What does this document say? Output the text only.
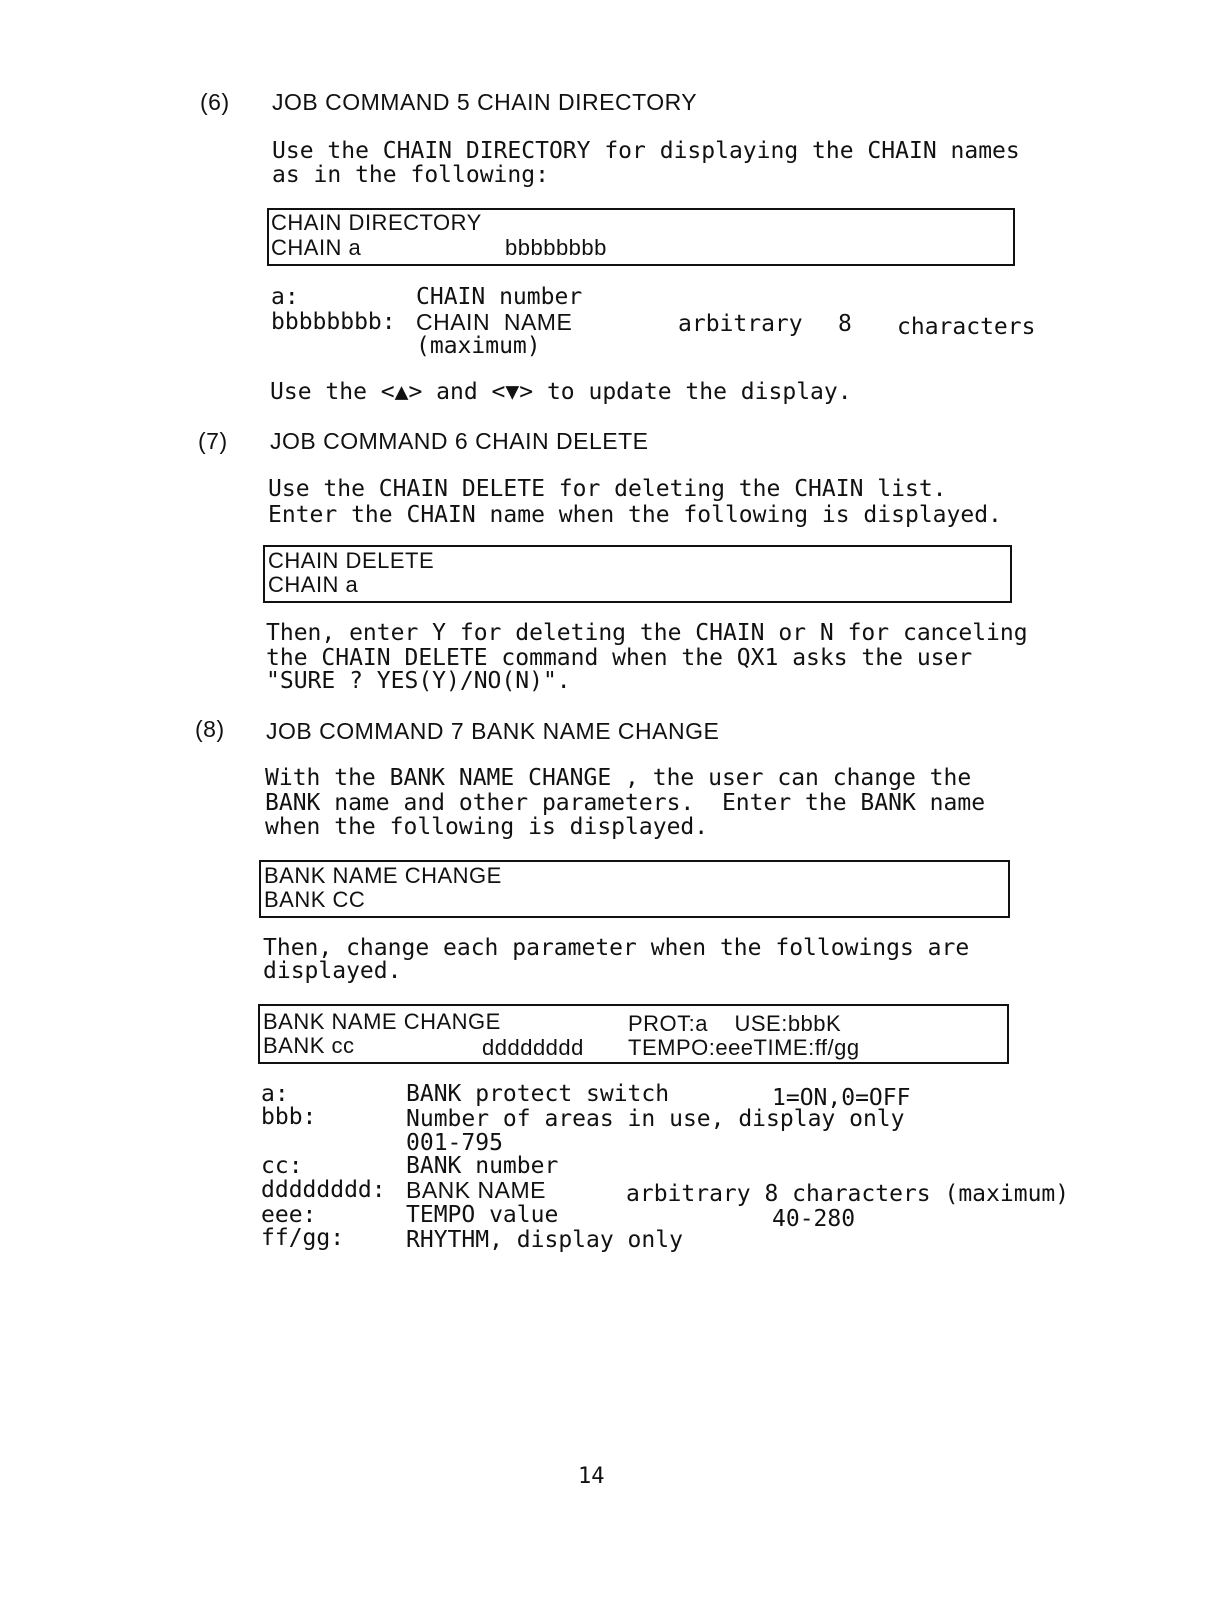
(6) JOB COMMAND 5 CHAIN DIRECTORY
Use the CHAIN DIRECTORY for displaying the CHAIN names
as in the following:
CHAIN DIRECTORY
CHAIN a	bbbbbbbb
a:	CHAIN number
bbbbbbbb: CHAIN  NAME	arbitrary 8 characters
(maximum)
Use the <▲> and <▼> to update the display.
(7) JOB COMMAND 6 CHAIN DELETE
Use the CHAIN DELETE for deleting the CHAIN list.
Enter the CHAIN name when the following is displayed.
CHAIN DELETE
CHAIN a
Then, enter Y for deleting the CHAIN or N for canceling
the CHAIN DELETE command when the QX1 asks the user
"SURE ? YES(Y)/NO(N)".
(8) JOB COMMAND 7 BANK NAME CHANGE
With the BANK NAME CHANGE , the user can change the
BANK name and other parameters.  Enter the BANK name
when the following is displayed.
BANK NAME CHANGE
BANK CC
Then, change each parameter when the followings are
displayed.
BANK NAME CHANGE	PROT:a    USE:bbbK
BANK cc	dddddddd TEMPO:eeeTIME:ff/gg
a:	BANK protect switch	1=ON,0=OFF
bbb:	Number of areas in use, display only
001-795
cc:	BANK number
dddddddd: BANK NAME	arbitrary 8 characters (maximum)
eee:	TEMPO value	40-280
ff/gg:	RHYTHM, display only
14
